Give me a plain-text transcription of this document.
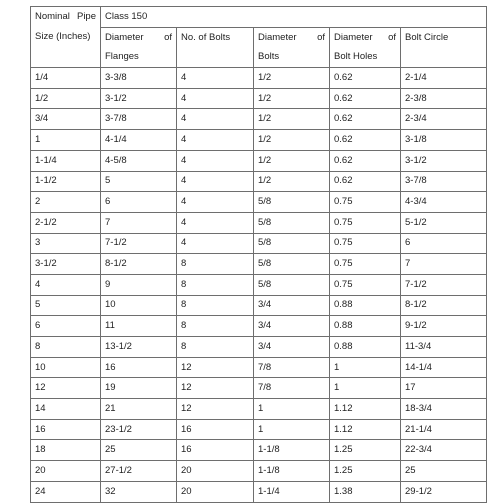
Nominal Pipe	Class 150				
Size (Inches)	Diameter of	No. of Bolts	Diameter of	Diameter of	Bolt Circle
	Flanges		Bolts	Bolt Holes	
1/4	3-3/8	4	1/2	0.62	2-1/4
1/2	3-1/2	4	1/2	0.62	2-3/8
3/4	3-7/8	4	1/2	0.62	2-3/4
1	4-1/4	4	1/2	0.62	3-1/8
1-1/4	4-5/8	4	1/2	0.62	3-1/2
1-1/2	5	4	1/2	0.62	3-7/8
2	6	4	5/8	0.75	4-3/4
2-1/2	7	4	5/8	0.75	5-1/2
3	7-1/2	4	5/8	0.75	6
3-1/2	8-1/2	8	5/8	0.75	7
4	9	8	5/8	0.75	7-1/2
5	10	8	3/4	0.88	8-1/2
6	11	8	3/4	0.88	9-1/2
8	13-1/2	8	3/4	0.88	11-3/4
10	16	12	7/8	1	14-1/4
12	19	12	7/8	1	17
14	21	12	1	1.12	18-3/4
16	23-1/2	16	1	1.12	21-1/4
18	25	16	1-1/8	1.25	22-3/4
20	27-1/2	20	1-1/8	1.25	25
24	32	20	1-1/4	1.38	29-1/2
